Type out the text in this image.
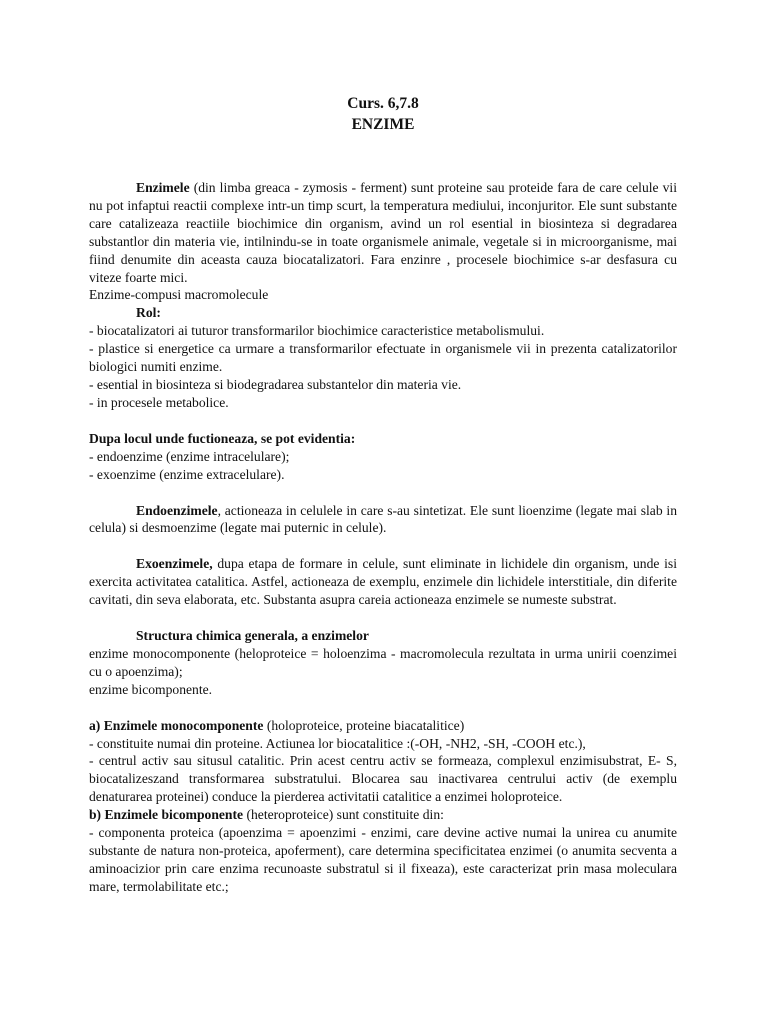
Curs. 6,7.8
ENZIME

Enzimele (din limba greaca - zymosis - ferment) sunt proteine sau proteide fara de care celule vii nu pot infaptui reactii complexe intr-un timp scurt, la temperatura mediului, inconjuritor. Ele sunt substante care catalizeaza reactiile biochimice din organism, avind un rol esential in biosinteza si degradarea substantlor din materia vie, intilnindu-se in toate organismele animale, vegetale si in microorganisme, mai fiind denumite din aceasta cauza biocatalizatori. Fara enzinre , procesele biochimice s-ar desfasura cu viteze foarte mici.

Enzime-compusi macromolecule

Rol:

- biocatalizatori ai tuturor transformarilor biochimice caracteristice metabolismului.

- plastice si energetice ca urmare a transformarilor efectuate in organismele vii in prezenta catalizatorilor biologici numiti enzime.

- esential in biosinteza si biodegradarea substantelor din materia vie.

- in procesele metabolice.

Dupa locul unde fuctioneaza, se pot evidentia:

- endoenzime (enzime intracelulare);

- exoenzime (enzime extracelulare).

Endoenzimele, actioneaza in celulele in care s-au sintetizat. Ele sunt lioenzime (legate mai slab in celula) si desmoenzime (legate mai puternic in celule).

Exoenzimele, dupa etapa de formare in celule, sunt eliminate in lichidele din organism, unde isi exercita activitatea catalitica. Astfel, actioneaza de exemplu, enzimele din lichidele interstitiale, din diferite cavitati, din seva elaborata, etc. Substanta asupra careia actioneaza enzimele se numeste substrat.

Structura chimica generala, a enzimelor

enzime monocomponente (heloproteice = holoenzima - macromolecula rezultata in urma unirii coenzimei cu o apoenzima);

enzime bicomponente.

a) Enzimele monocomponente (holoproteice, proteine biacatalitice)

- constituite numai din proteine. Actiunea lor biocatalitice :(-OH, -NH2, -SH, -COOH etc.),

- centrul activ sau situsul catalitic. Prin acest centru activ se formeaza, complexul enzimisubstrat, E- S, biocatalizeszand transformarea substratului. Blocarea sau inactivarea centrului activ (de exemplu denaturarea proteinei) conduce la pierderea activitatii catalitice a enzimei holoproteice.

b) Enzimele bicomponente (heteroproteice) sunt constituite din:

- componenta proteica (apoenzima = apoenzimi - enzimi, care devine active numai la unirea cu anumite substante de natura non-proteica, apoferment), care determina specificitatea enzimei (o anumita secventa a aminoacizior prin care enzima recunoaste substratul si il fixeaza), este caracterizat prin masa moleculara mare, termolabilitate etc.;
